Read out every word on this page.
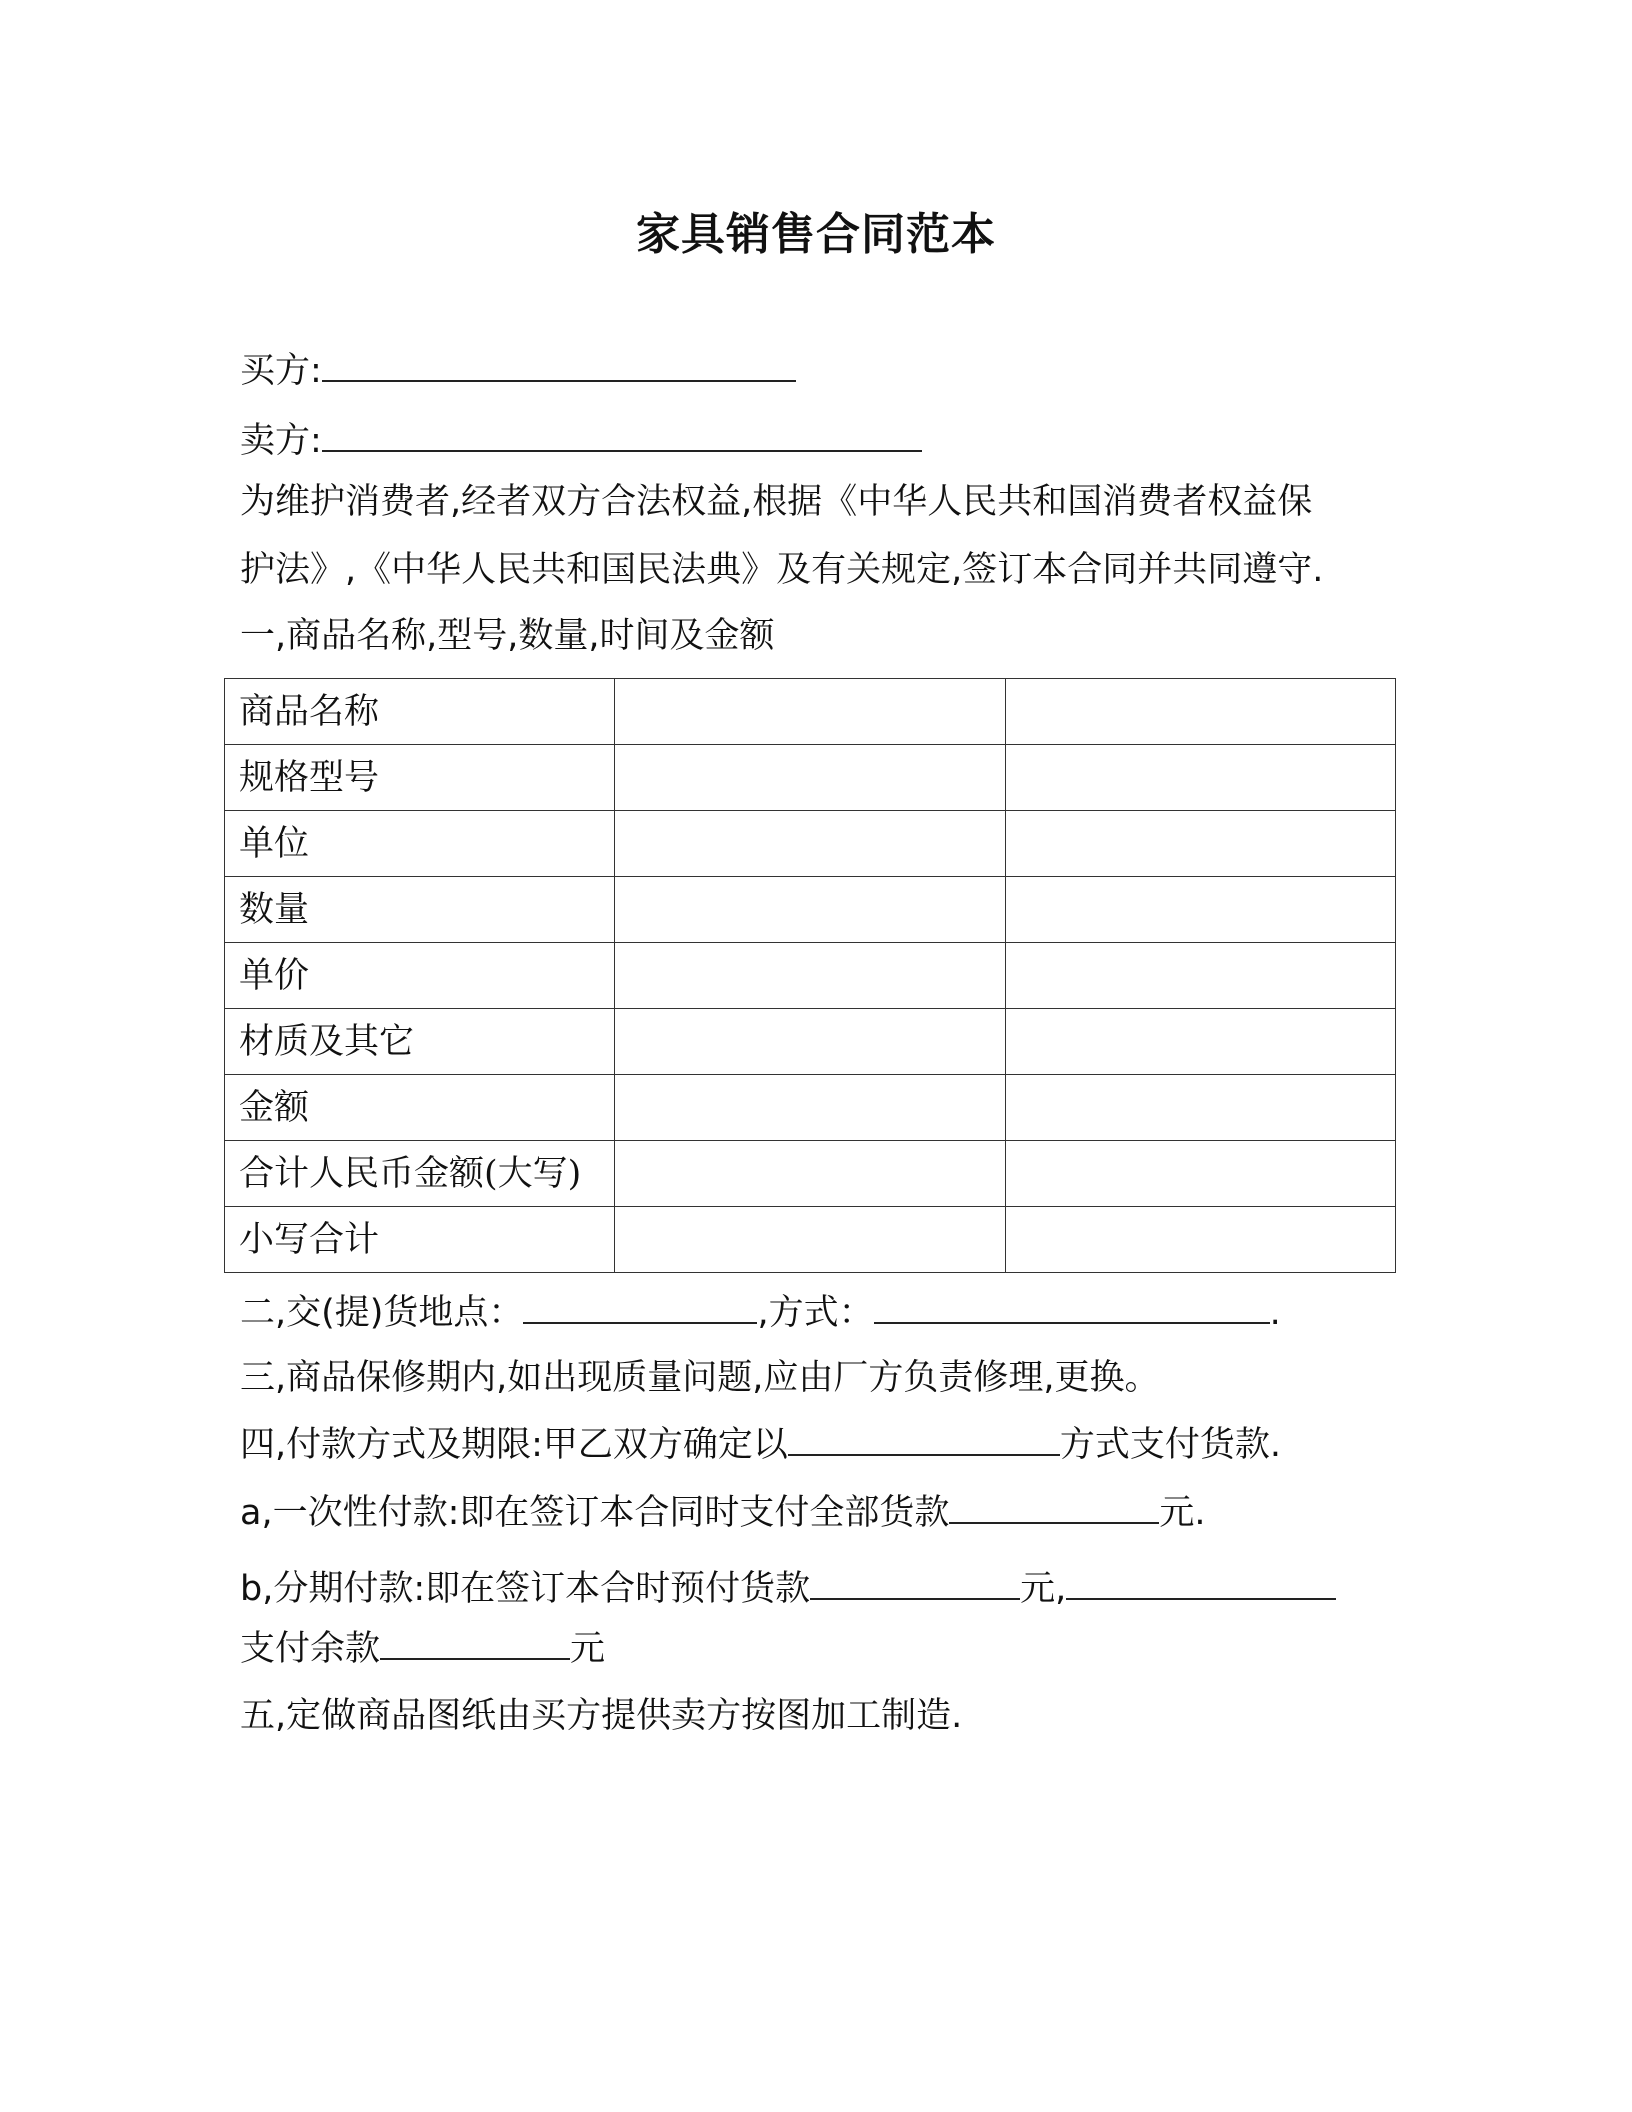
家具销售合同范本
买方:
卖方:
为维护消费者,经者双方合法权益,根据《中华人民共和国消费者权益保
护法》,《中华人民共和国民法典》及有关规定,签订本合同并共同遵守.
一,商品名称,型号,数量,时间及金额
商品名称		
规格型号		
单位		
数量		
单价		
材质及其它		
金额		
合计人民币金额(大写)		
小写合计		
二,交(提)货地点：	,方式：	.
三,商品保修期内,如出现质量问题,应由厂方负责修理,更换。
四,付款方式及期限:甲乙双方确定以	方式支付货款.
a,一次性付款:即在签订本合同时支付全部货款	元.
b,分期付款:即在签订本合时预付货款	元,
支付余款	元
五,定做商品图纸由买方提供卖方按图加工制造.
